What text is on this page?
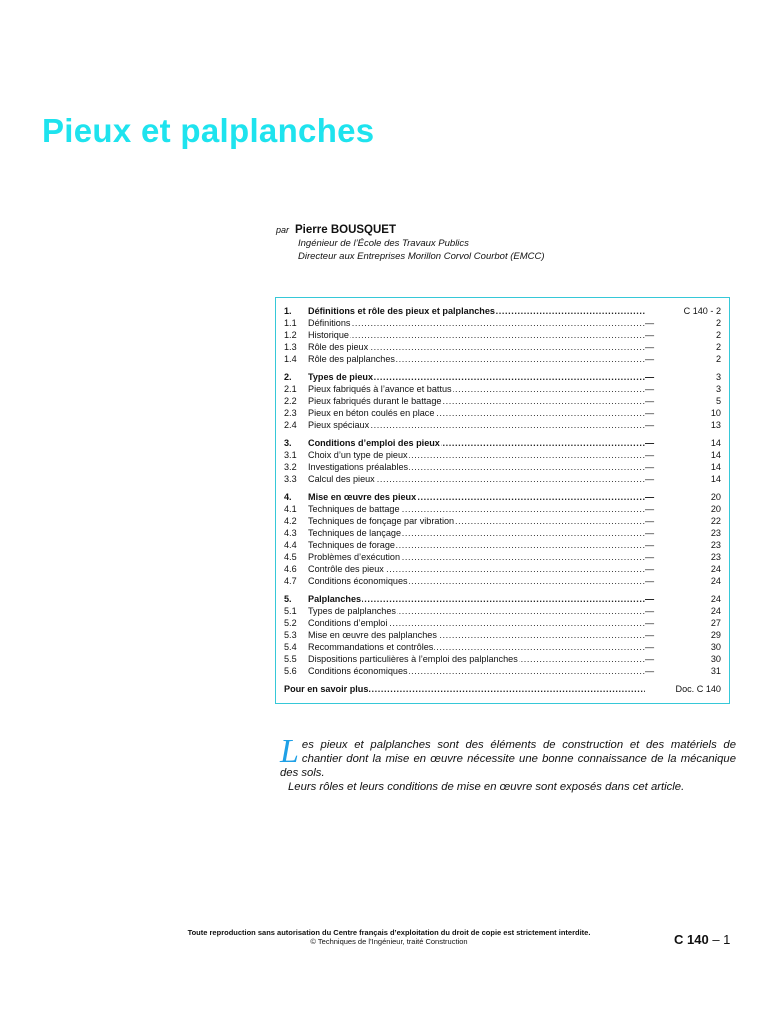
Pieux et palplanches
par Pierre BOUSQUET
Ingénieur de l’École des Travaux Publics
Directeur aux Entreprises Morillon Corvol Courbot (EMCC)
1.	Définitions et rôle des pieux et palplanches .....	C 140 - 2
1.1	Définitions .....	—	2
1.2	Historique .....	—	2
1.3	Rôle des pieux .....	—	2
1.4	Rôle des palplanches .....	—	2
2.	Types de pieux .....	—	3
2.1	Pieux fabriqués à l’avance et battus .....	—	3
2.2	Pieux fabriqués durant le battage .....	—	5
2.3	Pieux en béton coulés en place .....	—	10
2.4	Pieux spéciaux .....	—	13
3.	Conditions d’emploi des pieux .....	—	14
3.1	Choix d’un type de pieux .....	—	14
3.2	Investigations préalables .....	—	14
3.3	Calcul des pieux .....	—	14
4.	Mise en œuvre des pieux .....	—	20
4.1	Techniques de battage .....	—	20
4.2	Techniques de fonçage par vibration .....	—	22
4.3	Techniques de lançage .....	—	23
4.4	Techniques de forage .....	—	23
4.5	Problèmes d’exécution .....	—	23
4.6	Contrôle des pieux .....	—	24
4.7	Conditions économiques .....	—	24
5.	Palplanches .....	—	24
5.1	Types de palplanches .....	—	24
5.2	Conditions d’emploi .....	—	27
5.3	Mise en œuvre des palplanches .....	—	29
5.4	Recommandations et contrôles .....	—	30
5.5	Dispositions particulières à l’emploi des palplanches .....	—	30
5.6	Conditions économiques .....	—	31
Pour en savoir plus .....	Doc. C 140
L es pieux et palplanches sont des éléments de construction et des matériels de chantier dont la mise en œuvre nécessite une bonne connaissance de la mécanique des sols.

Leurs rôles et leurs conditions de mise en œuvre sont exposés dans cet article.

Toute reproduction sans autorisation du Centre français d’exploitation du droit de copie est strictement interdite.
© Techniques de l’Ingénieur, traité Construction	C 140 – 1
